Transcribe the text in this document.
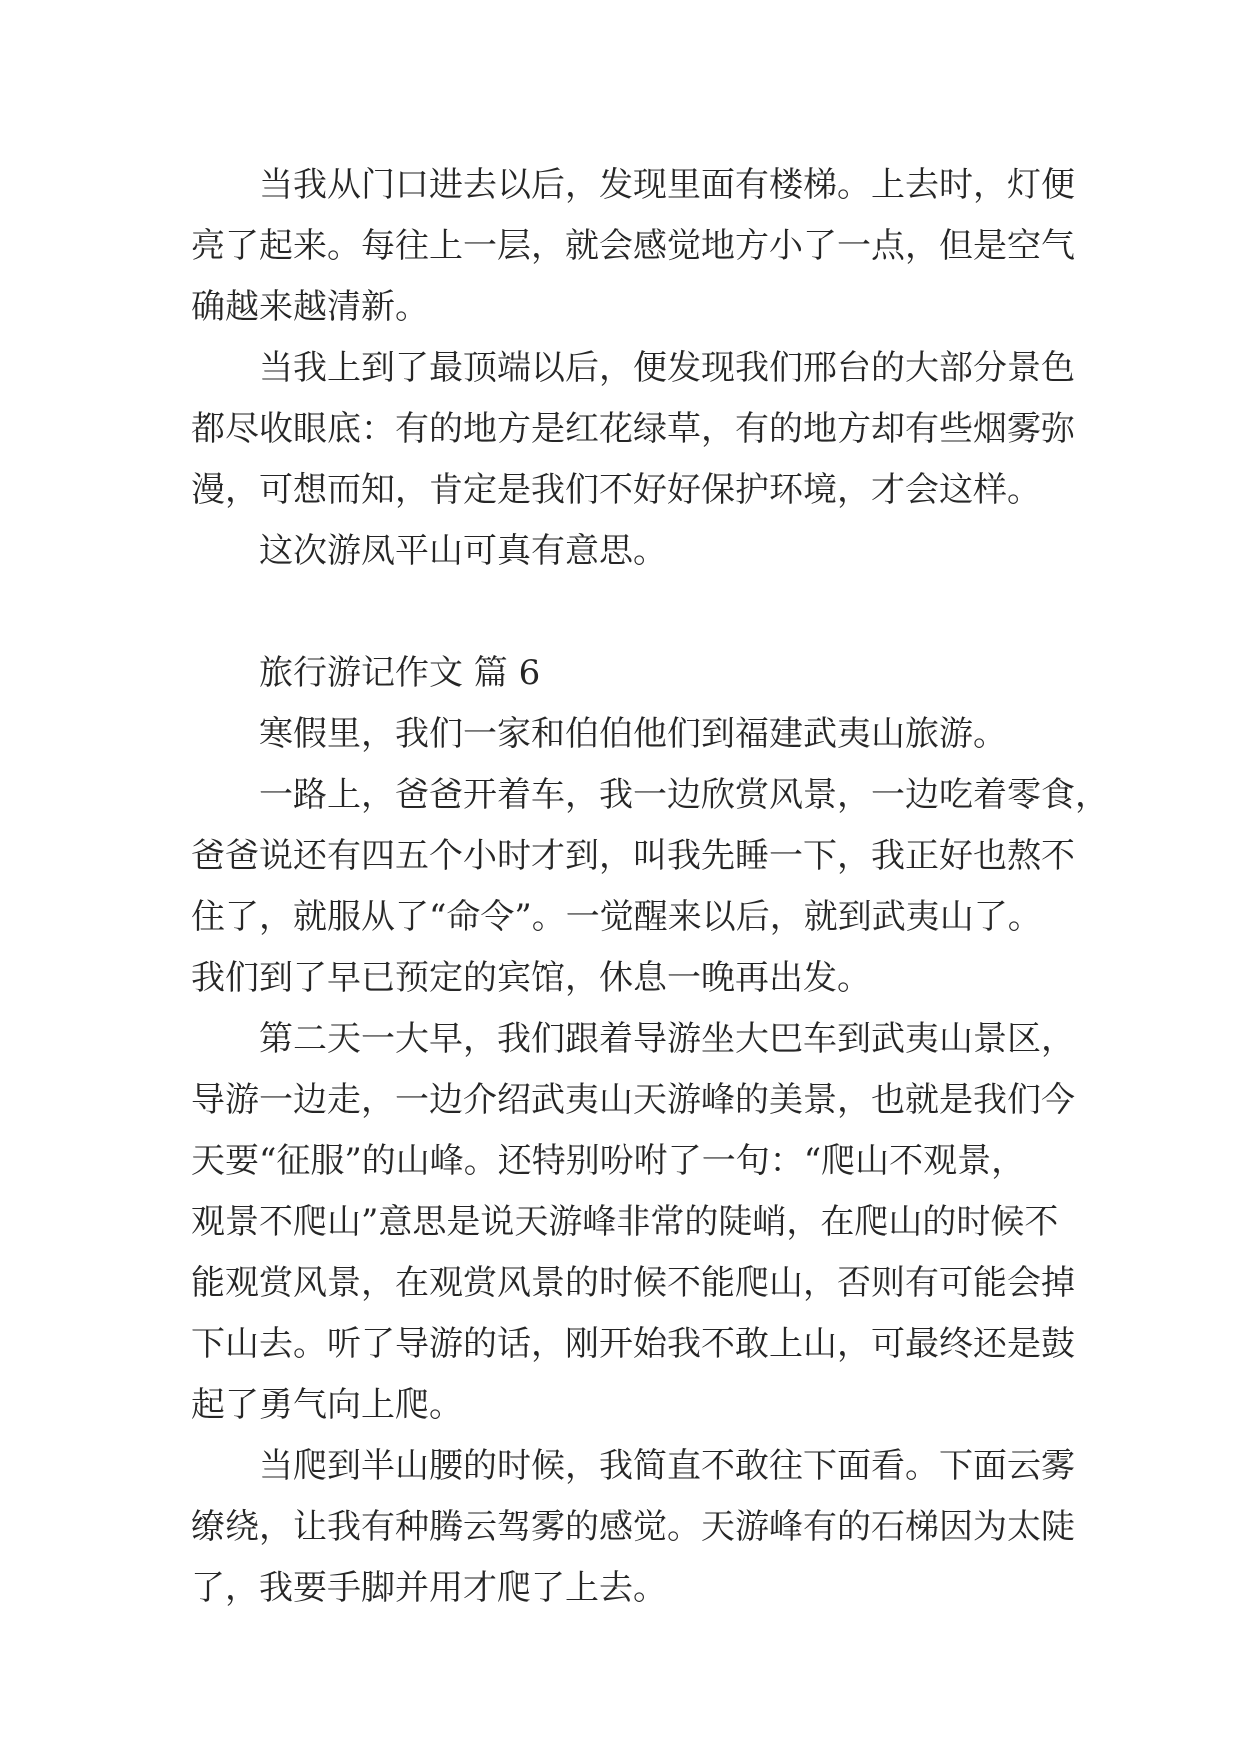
当我从门口进去以后，发现里面有楼梯。上去时，灯便
亮了起来。每往上一层，就会感觉地方小了一点，但是空气
确越来越清新。
当我上到了最顶端以后，便发现我们邢台的大部分景色
都尽收眼底：有的地方是红花绿草，有的地方却有些烟雾弥
漫，可想而知，肯定是我们不好好保护环境，才会这样。
这次游凤平山可真有意思。
旅行游记作文 篇 6
寒假里，我们一家和伯伯他们到福建武夷山旅游。
一路上，爸爸开着车，我一边欣赏风景，一边吃着零食，
爸爸说还有四五个小时才到，叫我先睡一下，我正好也熬不
住了，就服从了“命令”。一觉醒来以后，就到武夷山了。
我们到了早已预定的宾馆，休息一晚再出发。
第二天一大早，我们跟着导游坐大巴车到武夷山景区，
导游一边走，一边介绍武夷山天游峰的美景，也就是我们今
天要“征服”的山峰。还特别吩咐了一句：“爬山不观景，
观景不爬山”意思是说天游峰非常的陡峭，在爬山的时候不
能观赏风景，在观赏风景的时候不能爬山，否则有可能会掉
下山去。听了导游的话，刚开始我不敢上山，可最终还是鼓
起了勇气向上爬。
当爬到半山腰的时候，我简直不敢往下面看。下面云雾
缭绕，让我有种腾云驾雾的感觉。天游峰有的石梯因为太陡
了，我要手脚并用才爬了上去。
